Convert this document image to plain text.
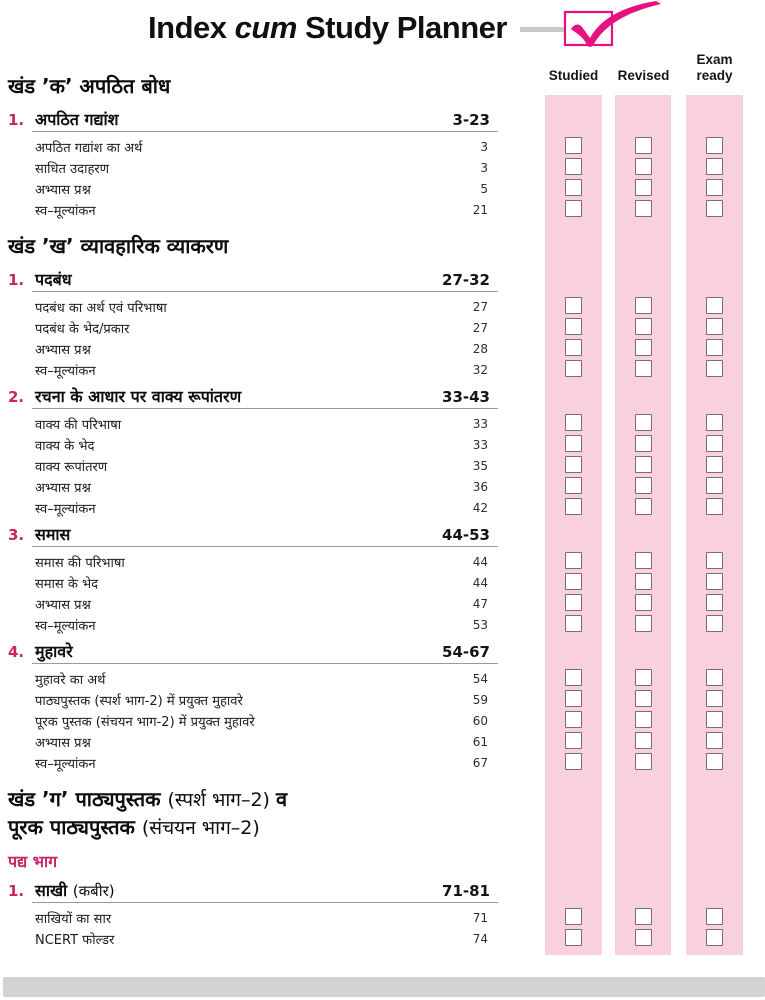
Index cum Study Planner
Studied	Revised
Exam ready
खंड ’क’ अपठित बोध
1. अपठित गद्यांश	3-23
अपठित गद्यांश का अर्थ	3
साधित उदाहरण	3
अभ्यास प्रश्न	5
स्व–मूल्यांकन	21
खंड ’ख’ व्यावहारिक व्याकरण
1. पदबंध	27-32
पदबंध का अर्थ एवं परिभाषा	27
पदबंध के भेद/प्रकार	27
अभ्यास प्रश्न	28
स्व–मूल्यांकन	32
2. रचना के आधार पर वाक्य रूपांतरण	33-43
वाक्य की परिभाषा	33
वाक्य के भेद	33
वाक्य रूपांतरण	35
अभ्यास प्रश्न	36
स्व–मूल्यांकन	42
3. समास	44-53
समास की परिभाषा	44
समास के भेद	44
अभ्यास प्रश्न	47
स्व–मूल्यांकन	53
4. मुहावरे	54-67
मुहावरे का अर्थ	54
पाठ्यपुस्तक (स्पर्श भाग-2) में प्रयुक्त मुहावरे	59
पूरक पुस्तक (संचयन भाग-2) में प्रयुक्त मुहावरे	60
अभ्यास प्रश्न	61
स्व–मूल्यांकन	67
खंड ’ग’ पाठ्यपुस्तक (स्पर्श भाग–2) व
पूरक पाठ्यपुस्तक (संचयन भाग–2)
पद्य भाग
1. साखी (कबीर)	71-81
साखियों का सार	71
NCERT फोल्डर	74
